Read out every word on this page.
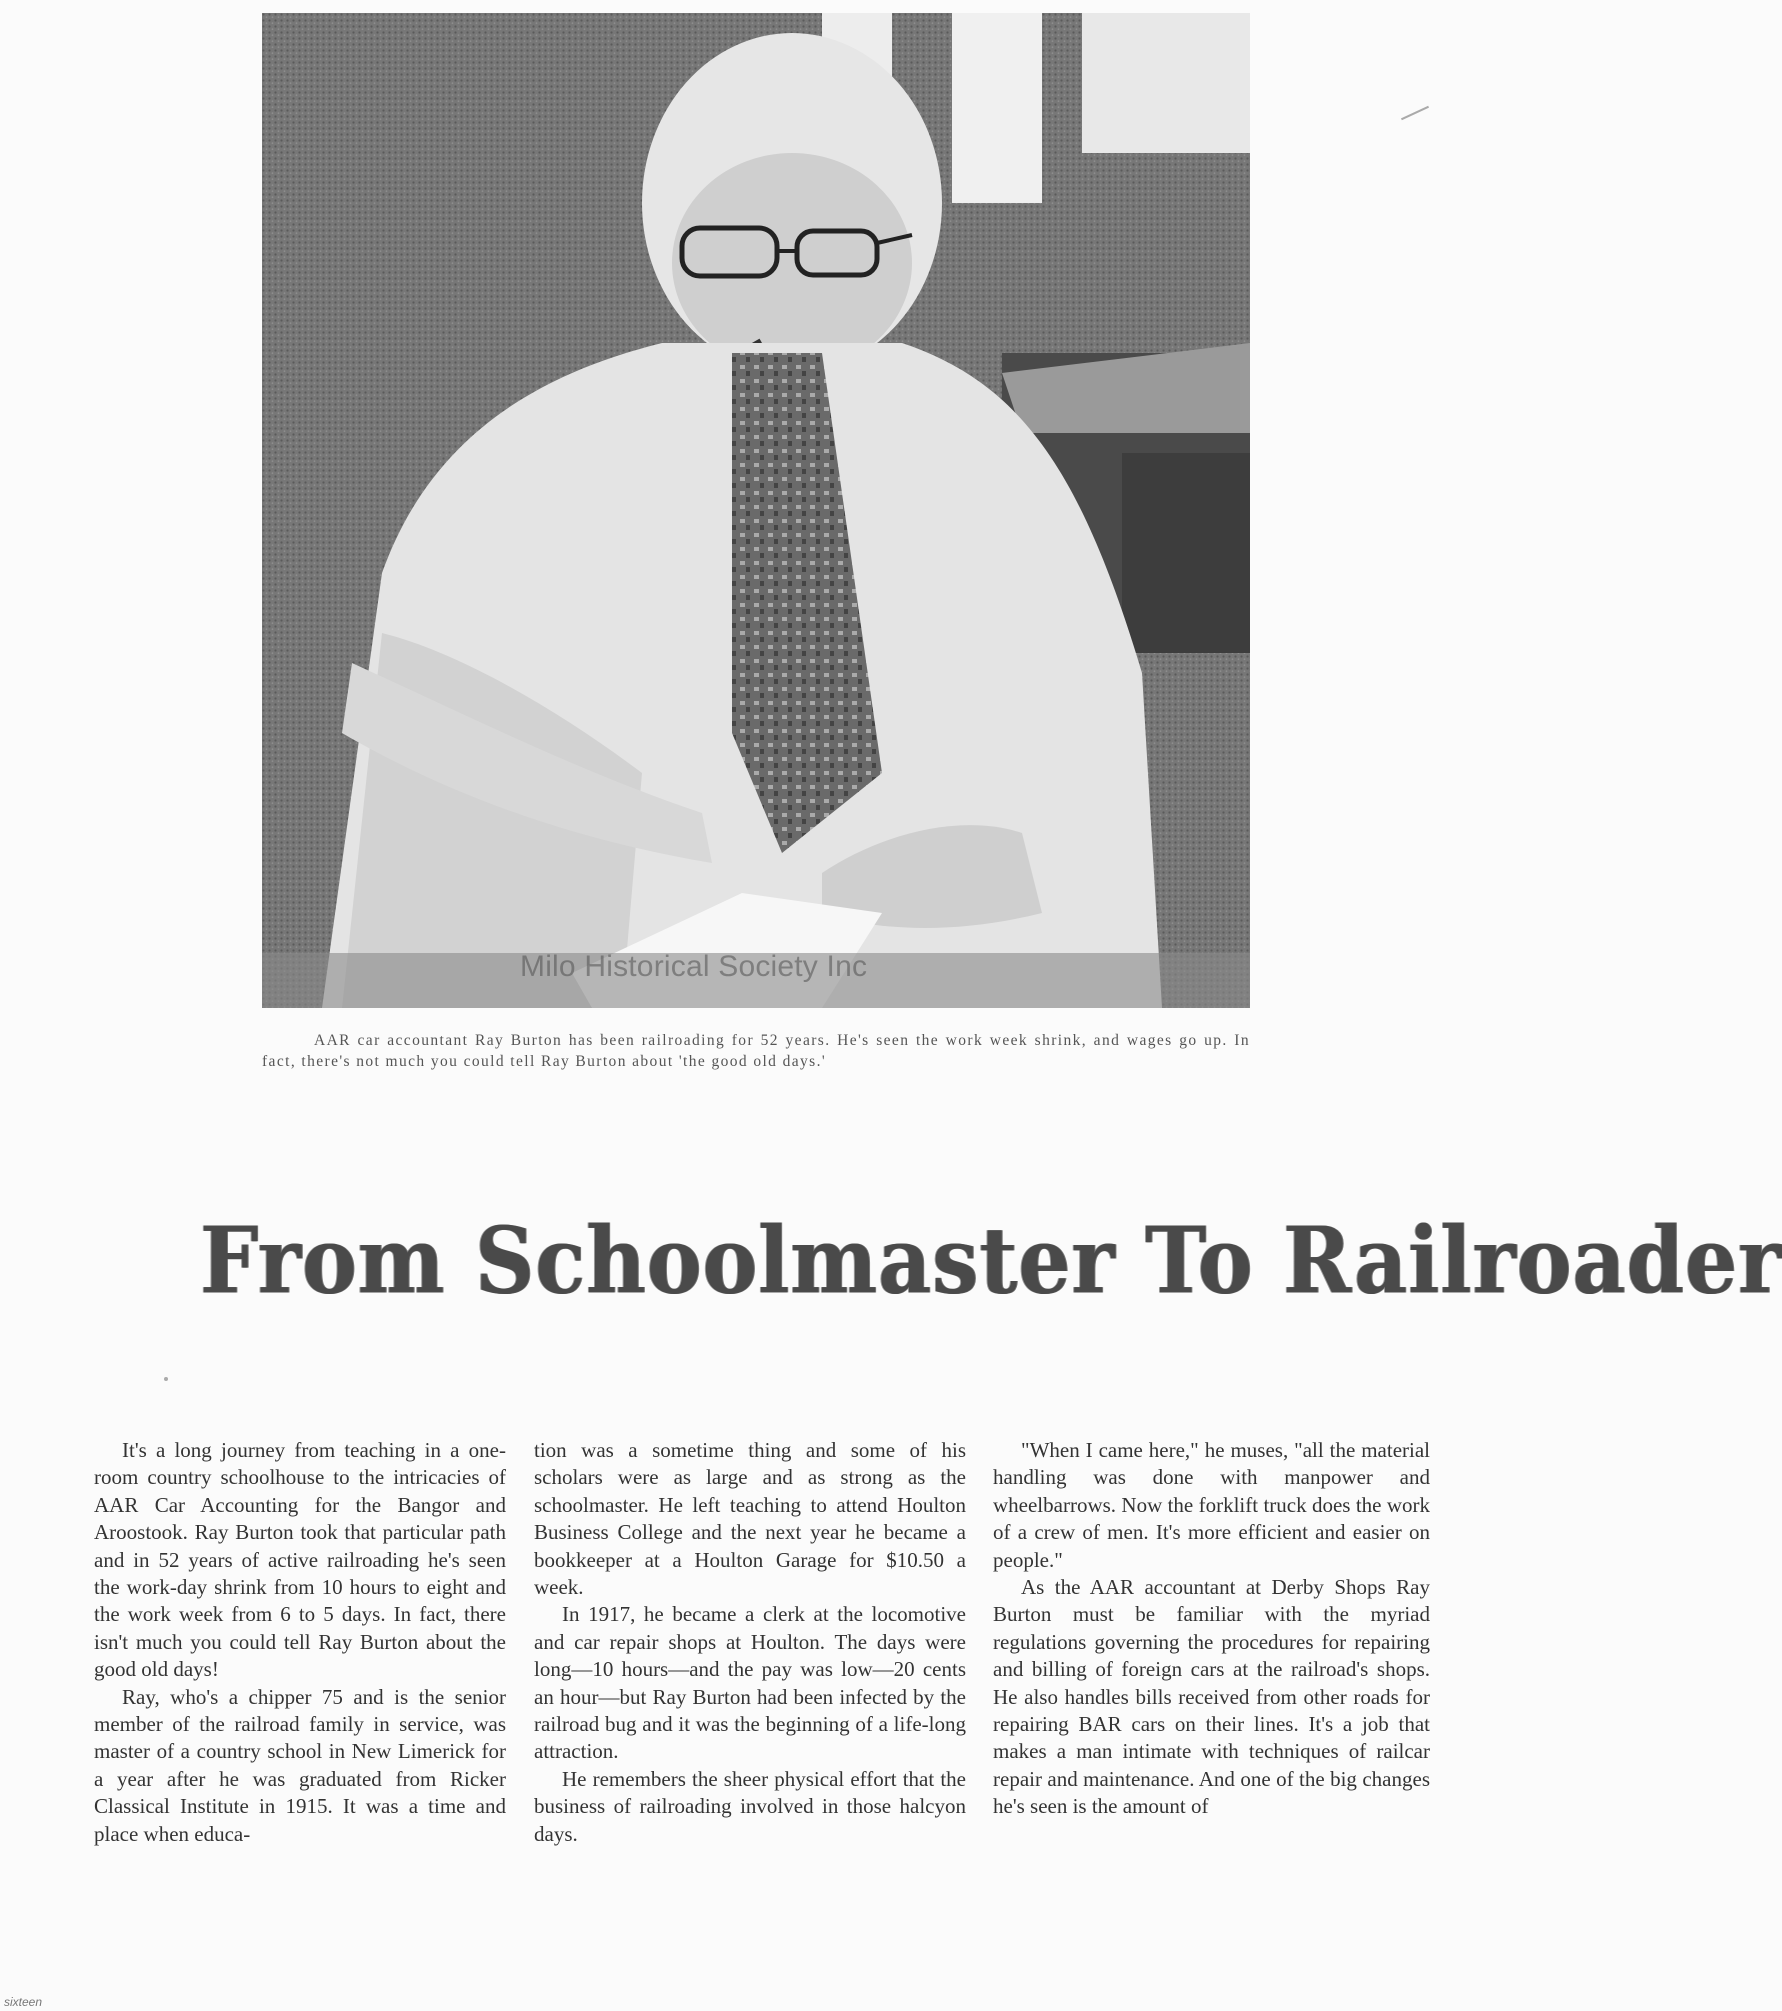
Milo Historical Society Inc
AAR car accountant Ray Burton has been railroading for 52 years. He's seen the work week shrink, and wages go up. In fact, there's not much you could tell Ray Burton about 'the good old days.'
From Schoolmaster To Railroader

It's a long journey from teaching in a one-room country schoolhouse to the intricacies of AAR Car Accounting for the Bangor and Aroostook. Ray Burton took that particular path and in 52 years of active railroading he's seen the work-day shrink from 10 hours to eight and the work week from 6 to 5 days. In fact, there isn't much you could tell Ray Burton about the good old days!

Ray, who's a chipper 75 and is the senior member of the railroad family in service, was master of a country school in New Limerick for a year after he was graduated from Ricker Classical Institute in 1915. It was a time and place when educa-

tion was a sometime thing and some of his scholars were as large and as strong as the schoolmaster. He left teaching to attend Houlton Business College and the next year he became a bookkeeper at a Houlton Garage for $10.50 a week.

In 1917, he became a clerk at the locomotive and car repair shops at Houlton. The days were long—10 hours—and the pay was low—20 cents an hour—but Ray Burton had been infected by the railroad bug and it was the beginning of a life-long attraction.

He remembers the sheer physical effort that the business of railroading involved in those halcyon days.

"When I came here," he muses, "all the material handling was done with manpower and wheelbarrows. Now the forklift truck does the work of a crew of men. It's more efficient and easier on people."

As the AAR accountant at Derby Shops Ray Burton must be familiar with the myriad regulations governing the procedures for repairing and billing of foreign cars at the railroad's shops. He also handles bills received from other roads for repairing BAR cars on their lines. It's a job that makes a man intimate with techniques of railcar repair and maintenance. And one of the big changes he's seen is the amount of

sixteen
